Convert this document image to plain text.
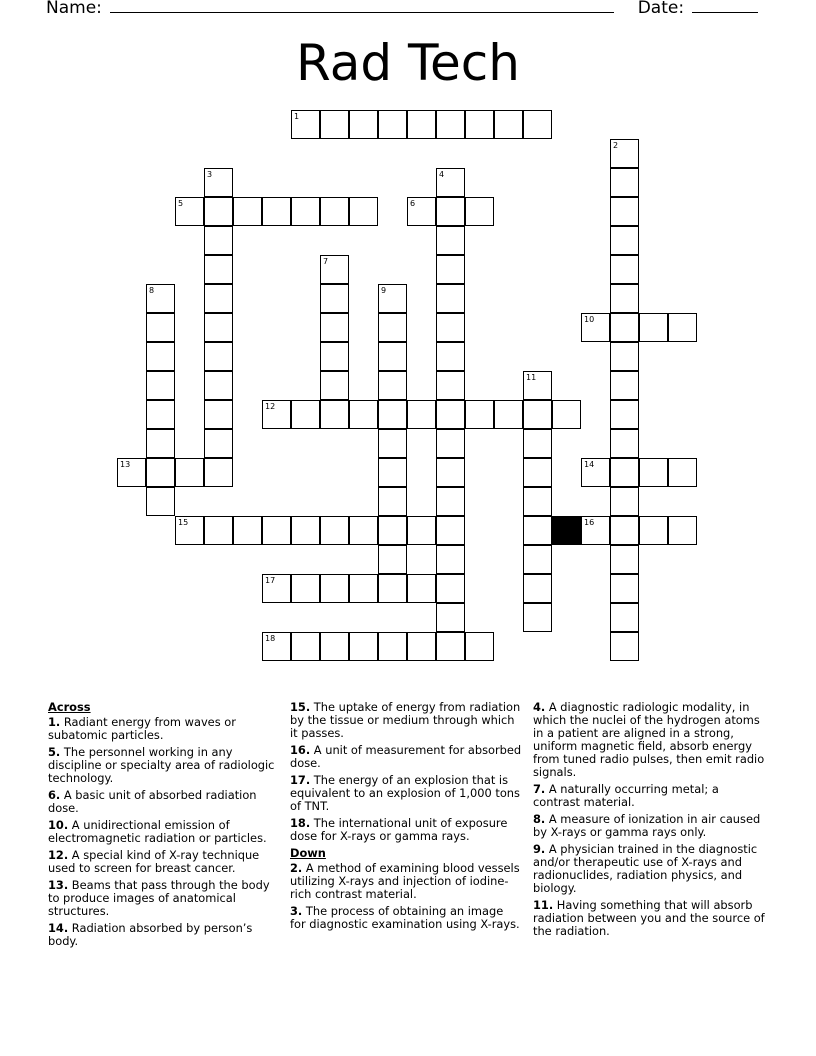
Name:	Date:
Rad Tech
1
2
3	4
5	6
7
8	9
10
11
12
13	14
15	16
17
18
Across
1. Radiant energy from waves or subatomic particles.
5. The personnel working in any discipline or specialty area of radiologic technology.
6. A basic unit of absorbed radiation dose.
10. A unidirectional emission of electromagnetic radiation or particles.
12. A special kind of X-ray technique used to screen for breast cancer.
13. Beams that pass through the body to produce images of anatomical structures.
14. Radiation absorbed by person’s body.
15. The uptake of energy from radiation by the tissue or medium through which it passes.
16. A unit of measurement for absorbed dose.
17. The energy of an explosion that is equivalent to an explosion of 1,000 tons of TNT.
18. The international unit of exposure dose for X-rays or gamma rays.
Down
2. A method of examining blood vessels utilizing X-rays and injection of iodine-rich contrast material.
3. The process of obtaining an image for diagnostic examination using X-rays.
4. A diagnostic radiologic modality, in which the nuclei of the hydrogen atoms in a patient are aligned in a strong, uniform magnetic field, absorb energy from tuned radio pulses, then emit radio signals.
7. A naturally occurring metal; a contrast material.
8. A measure of ionization in air caused by X-rays or gamma rays only.
9. A physician trained in the diagnostic and/or therapeutic use of X-rays and radionuclides, radiation physics, and biology.
11. Having something that will absorb radiation between you and the source of the radiation.
